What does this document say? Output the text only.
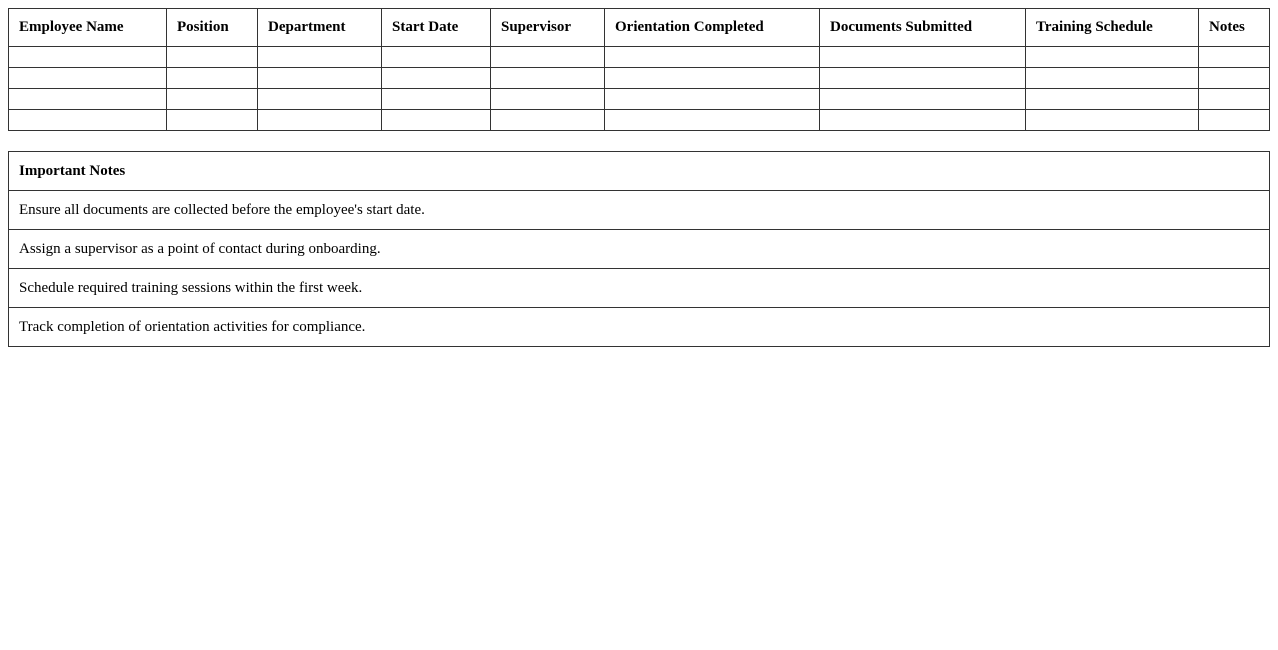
Employee Name	Position	Department	Start Date	Supervisor	Orientation Completed	Documents Submitted	Training Schedule	Notes

Important Notes
Ensure all documents are collected before the employee's start date.
Assign a supervisor as a point of contact during onboarding.
Schedule required training sessions within the first week.
Track completion of orientation activities for compliance.
